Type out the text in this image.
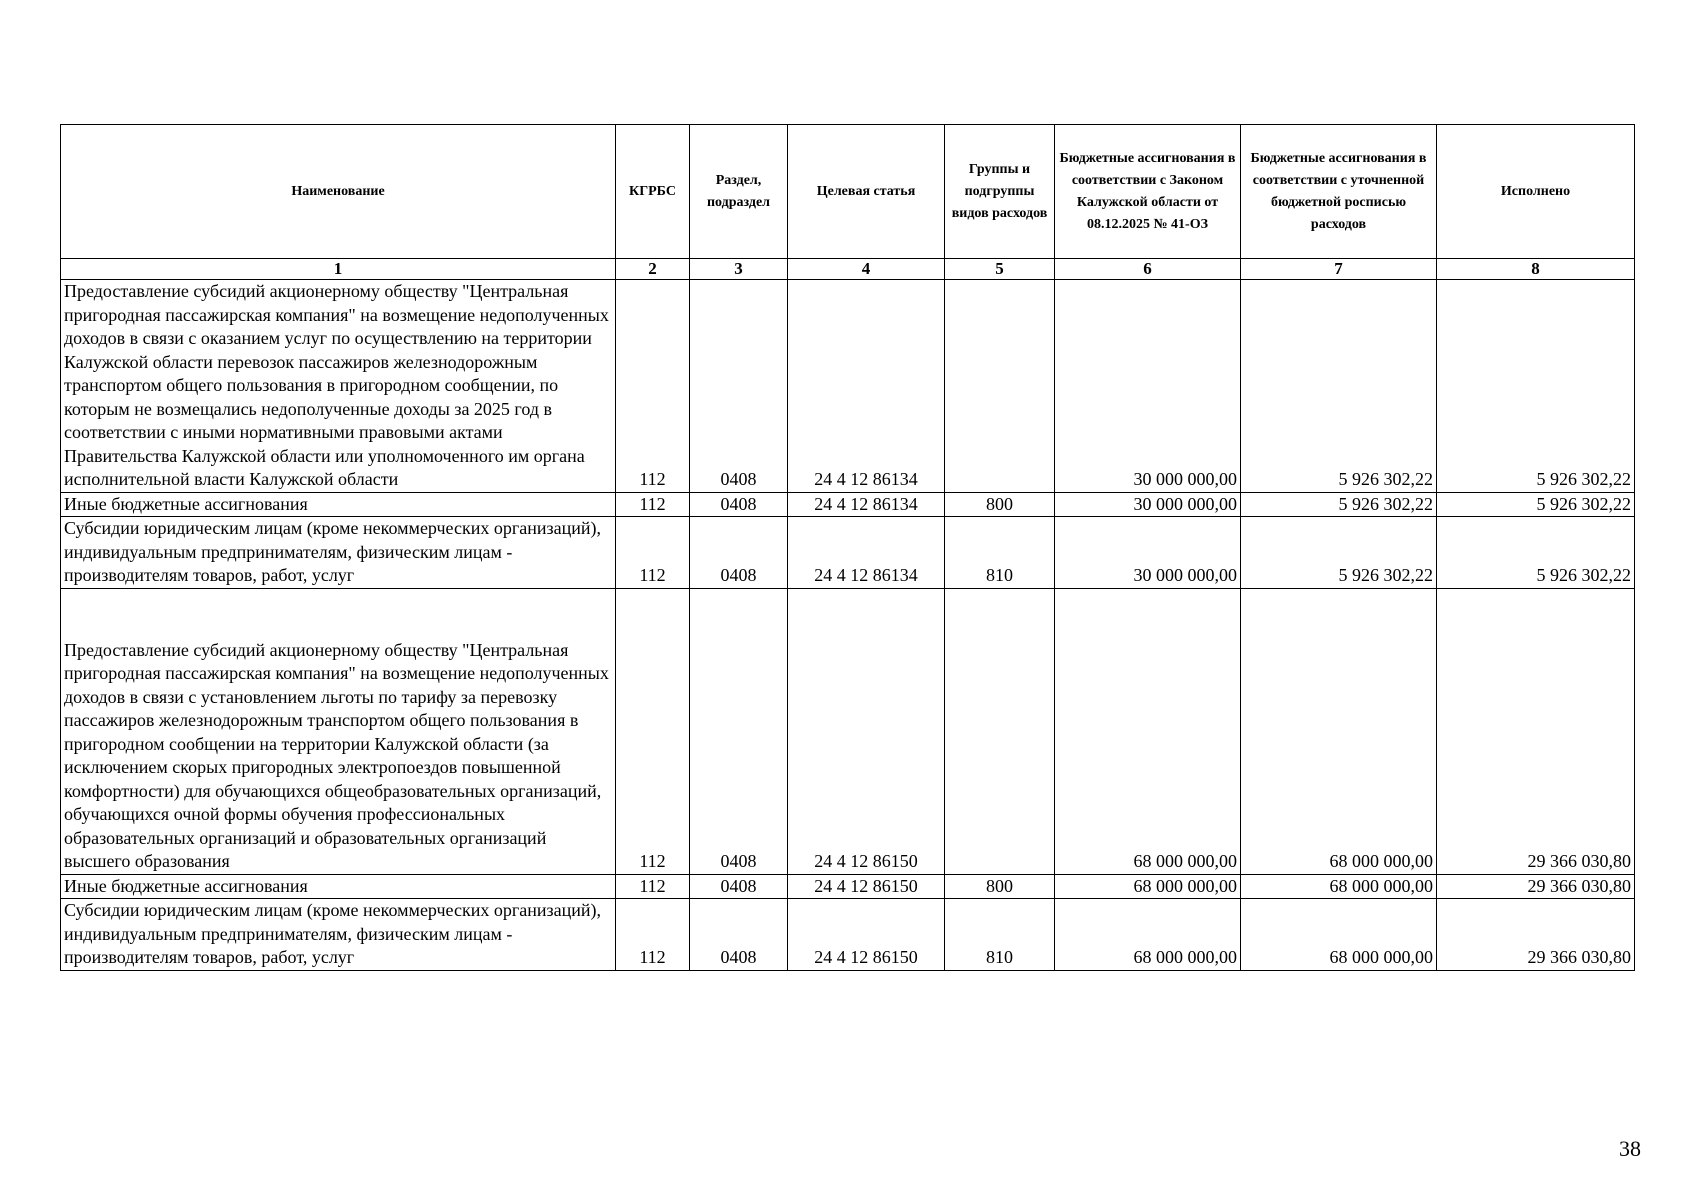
Наименование	КГРБС	Раздел, подраздел	Целевая статья	Группы и подгруппы видов расходов	Бюджетные ассигнования в соответствии с Законом Калужской области от 08.12.2025 № 41-ОЗ	Бюджетные ассигнования в соответствии с уточненной бюджетной росписью расходов	Исполнено
1	2	3	4	5	6	7	8
Предоставление субсидий акционерному обществу "Центральная пригородная пассажирская компания" на возмещение недополученных доходов в связи с оказанием услуг по осуществлению на территории Калужской области перевозок пассажиров железнодорожным транспортом общего пользования в пригородном сообщении, по которым не возмещались недополученные доходы за 2025 год в соответствии с иными нормативными правовыми актами Правительства Калужской области или уполномоченного им органа исполнительной власти Калужской области	112	0408	24 4 12 86134		30 000 000,00	5 926 302,22	5 926 302,22
Иные бюджетные ассигнования	112	0408	24 4 12 86134	800	30 000 000,00	5 926 302,22	5 926 302,22
Субсидии юридическим лицам (кроме некоммерческих организаций), индивидуальным предпринимателям, физическим лицам - производителям товаров, работ, услуг	112	0408	24 4 12 86134	810	30 000 000,00	5 926 302,22	5 926 302,22
Предоставление субсидий акционерному обществу "Центральная пригородная пассажирская компания" на возмещение недополученных доходов в связи с установлением льготы по тарифу за перевозку пассажиров железнодорожным транспортом общего пользования в пригородном сообщении на территории Калужской области (за исключением скорых пригородных электропоездов повышенной комфортности) для обучающихся общеобразовательных организаций, обучающихся очной формы обучения профессиональных образовательных организаций и образовательных организаций высшего образования	112	0408	24 4 12 86150		68 000 000,00	68 000 000,00	29 366 030,80
Иные бюджетные ассигнования	112	0408	24 4 12 86150	800	68 000 000,00	68 000 000,00	29 366 030,80
Субсидии юридическим лицам (кроме некоммерческих организаций), индивидуальным предпринимателям, физическим лицам - производителям товаров, работ, услуг	112	0408	24 4 12 86150	810	68 000 000,00	68 000 000,00	29 366 030,80
38
